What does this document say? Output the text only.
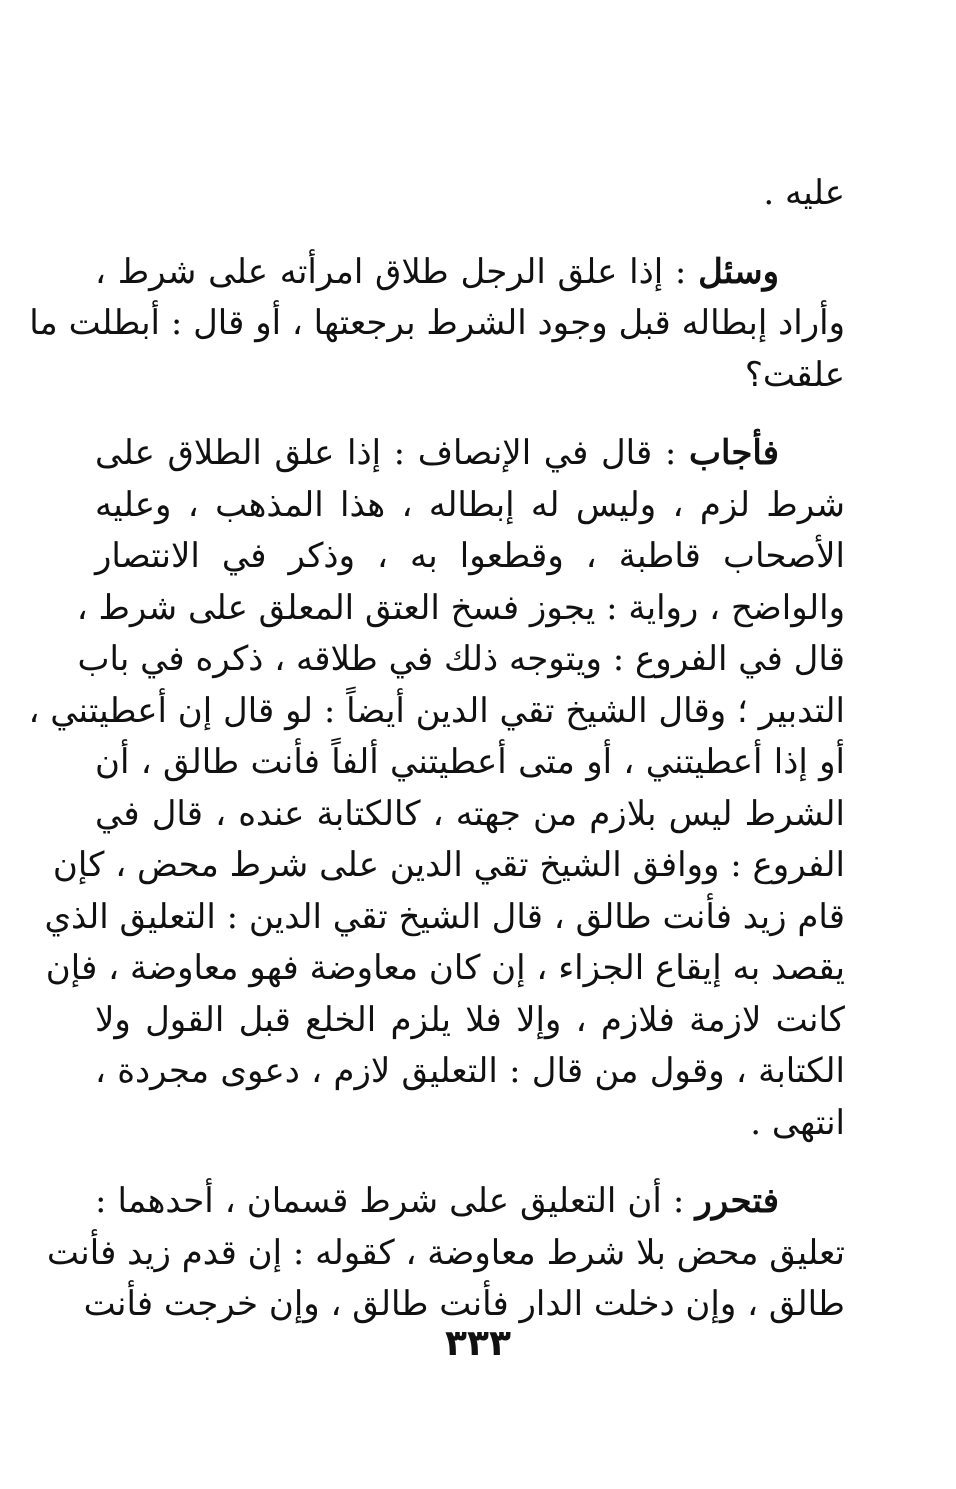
عليه .
وسئل : إذا علق الرجل طلاق امرأته على شرط ،
وأراد إبطاله قبل وجود الشرط برجعتها ، أو قال : أبطلت ما
علقت؟
فأجاب : قال في الإنصاف : إذا علق الطلاق على
شرط لزم ، وليس له إبطاله ، هذا المذهب ، وعليه
الأصحاب قاطبة ، وقطعوا به ، وذكر في الانتصار
والواضح ، رواية : يجوز فسخ العتق المعلق على شرط ،
قال في الفروع : ويتوجه ذلك في طلاقه ، ذكره في باب
التدبير ؛ وقال الشيخ تقي الدين أيضاً : لو قال إن أعطيتني ،
أو إذا أعطيتني ، أو متى أعطيتني ألفاً فأنت طالق ، أن
الشرط ليس بلازم من جهته ، كالكتابة عنده ، قال في
الفروع : ووافق الشيخ تقي الدين على شرط محض ، كإن
قام زيد فأنت طالق ، قال الشيخ تقي الدين : التعليق الذي
يقصد به إيقاع الجزاء ، إن كان معاوضة فهو معاوضة ، فإن
كانت لازمة فلازم ، وإلا فلا يلزم الخلع قبل القول ولا
الكتابة ، وقول من قال : التعليق لازم ، دعوى مجردة ،
انتهى .
فتحرر : أن التعليق على شرط قسمان ، أحدهما :
تعليق محض بلا شرط معاوضة ، كقوله : إن قدم زيد فأنت
طالق ، وإن دخلت الدار فأنت طالق ، وإن خرجت فأنت
٣٣٣
